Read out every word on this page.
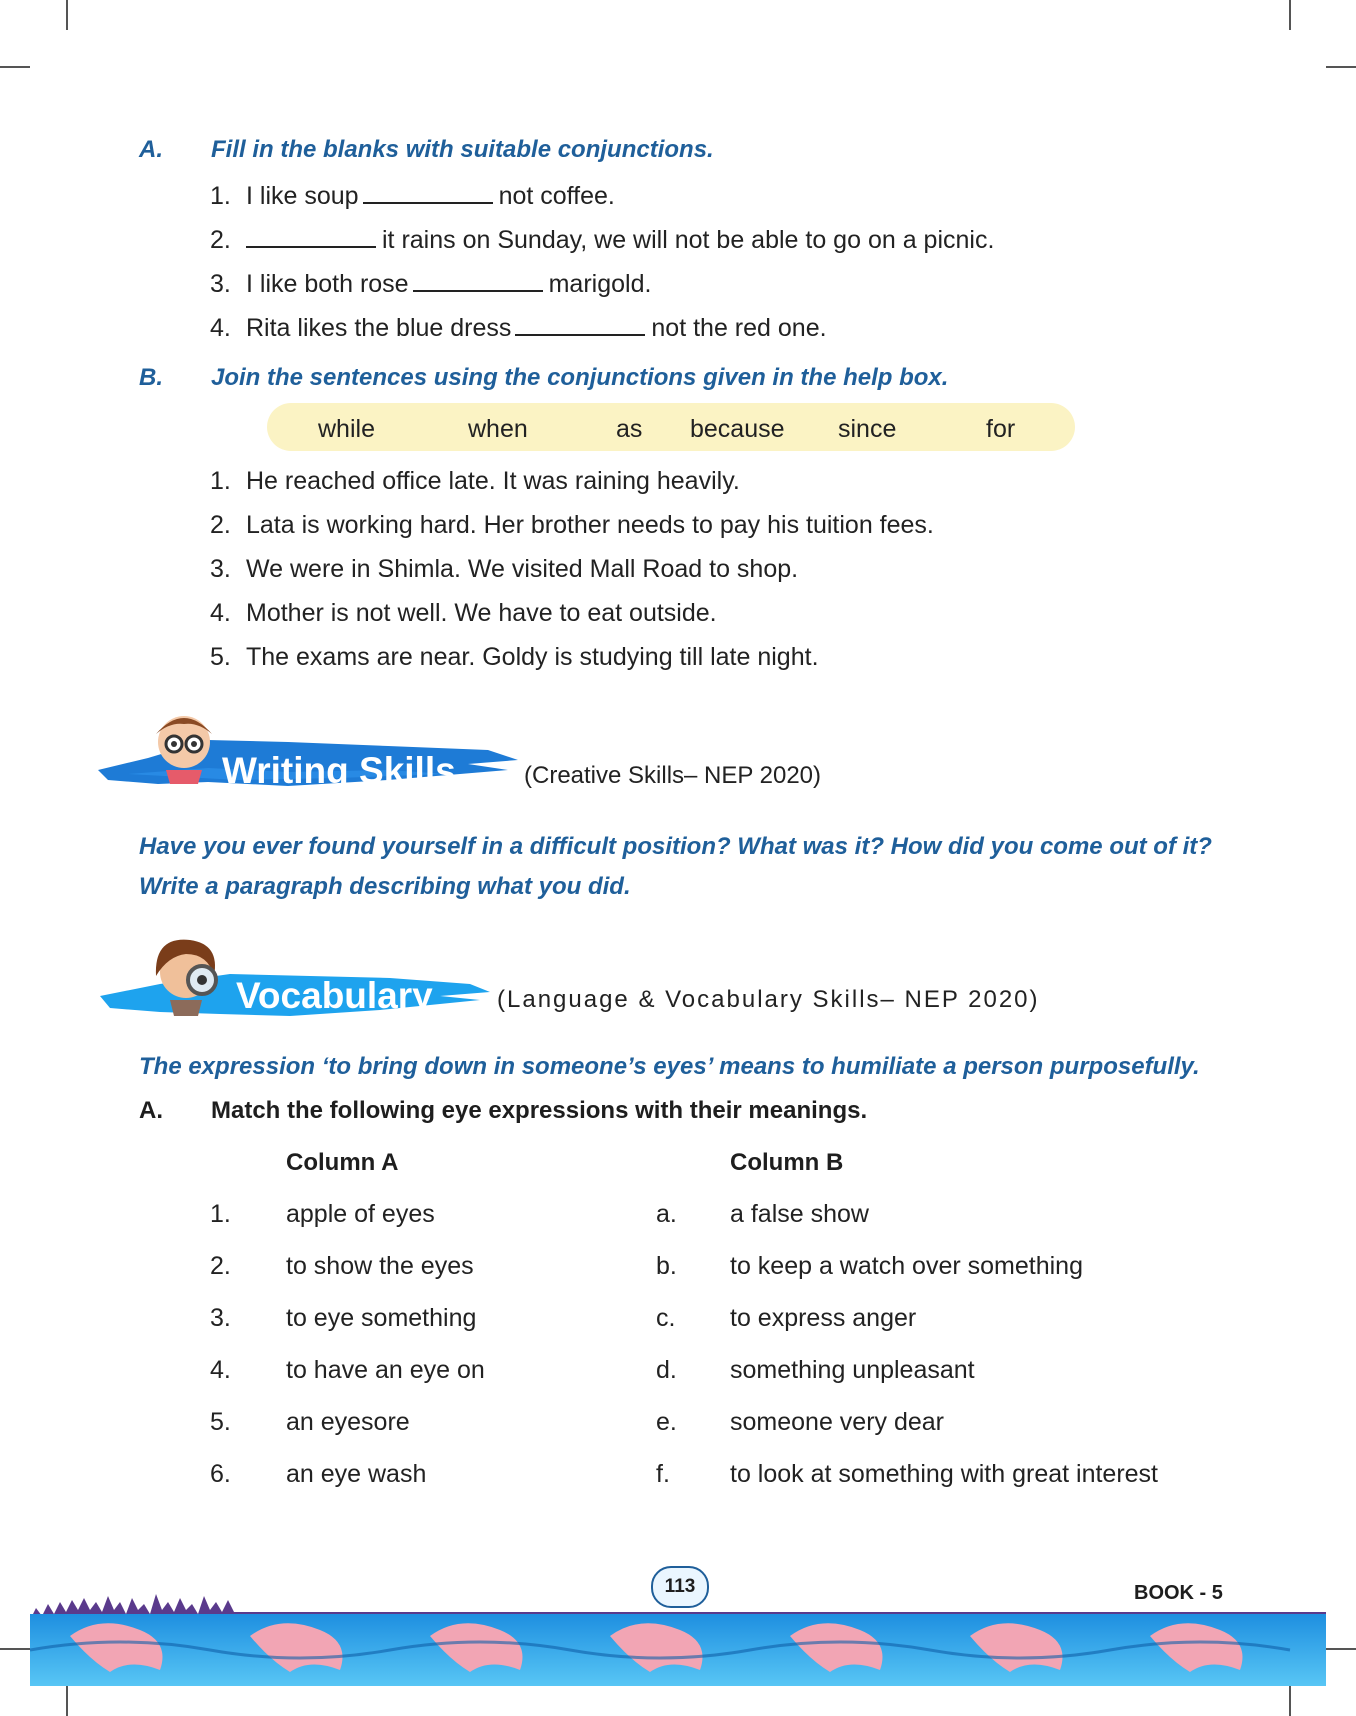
A. Fill in the blanks with suitable conjunctions.
1. I like soup	not coffee.
2.	it rains on Sunday, we will not be able to go on a picnic.
3. I like both rose	marigold.
4. Rita likes the blue dress	not the red one.
B. Join the sentences using the conjunctions given in the help box.
while	when	as because since	for
1. He reached office late. It was raining heavily.
2. Lata is working hard. Her brother needs to pay his tuition fees.
3. We were in Shimla. We visited Mall Road to shop.
4. Mother is not well. We have to eat outside.
5. The exams are near. Goldy is studying till late night.
Writing Skills	(Creative Skills– NEP 2020)
Have you ever found yourself in a difficult position? What was it? How did you come out of it?
Write a paragraph describing what you did.
Vocabulary	(Language & Vocabulary Skills– NEP 2020)
The expression ‘to bring down in someone’s eyes’ means to humiliate a person purposefully.
A. Match the following eye expressions with their meanings.
Column A	Column B
1. apple of eyes	a. a false show
2. to show the eyes	b. to keep a watch over something
3. to eye something	c. to express anger
4. to have an eye on	d. something unpleasant
5. an eyesore	e. someone very dear
6. an eye wash	f. to look at something with great interest
113	BOOK - 5
